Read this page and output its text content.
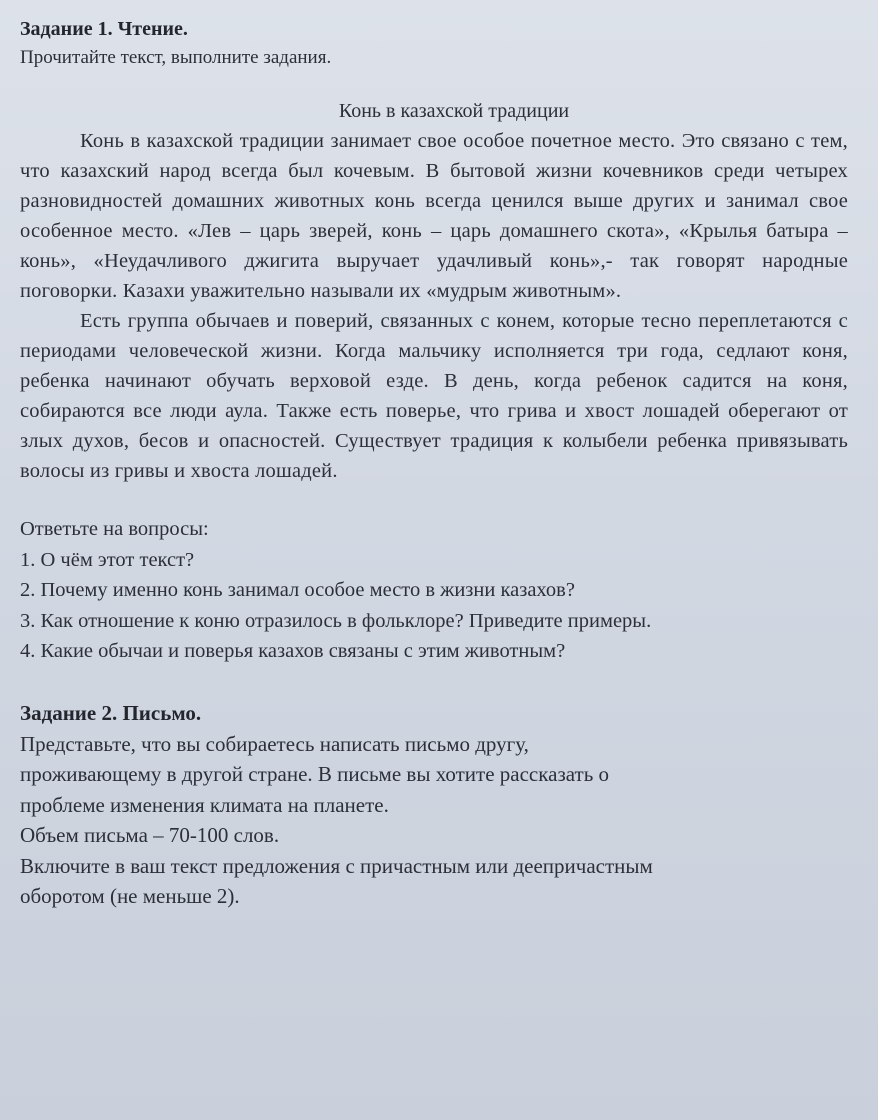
Задание 1. Чтение.

Прочитайте текст, выполните задания.

Конь в казахской традиции

Конь в казахской традиции занимает свое особое почетное место. Это связано с тем, что казахский народ всегда был кочевым. В бытовой жизни кочевников среди четырех разновидностей домашних животных конь всегда ценился выше других и занимал свое особенное место. «Лев – царь зверей, конь – царь домашнего скота», «Крылья батыра – конь», «Неудачливого джигита выручает удачливый конь»,- так говорят народные поговорки. Казахи уважительно называли их «мудрым животным».

Есть группа обычаев и поверий, связанных с конем, которые тесно переплетаются с периодами человеческой жизни. Когда мальчику исполняется три года, седлают коня, ребенка начинают обучать верховой езде. В день, когда ребенок садится на коня, собираются все люди аула. Также есть поверье, что грива и хвост лошадей оберегают от злых духов, бесов и опасностей. Существует традиция к колыбели ребенка привязывать волосы из гривы и хвоста лошадей.

Ответьте на вопросы:
1. О чём этот текст?
2. Почему именно конь занимал особое место в жизни казахов?
3. Как отношение к коню отразилось в фольклоре? Приведите примеры.
4. Какие обычаи и поверья казахов связаны с этим животным?

Задание 2. Письмо.

Представьте, что вы собираетесь написать письмо другу,

проживающему в другой стране. В письме вы хотите рассказать о

проблеме изменения климата на планете.

Объем письма – 70-100 слов.

Включите в ваш текст предложения с причастным или деепричастным

оборотом (не меньше 2).
